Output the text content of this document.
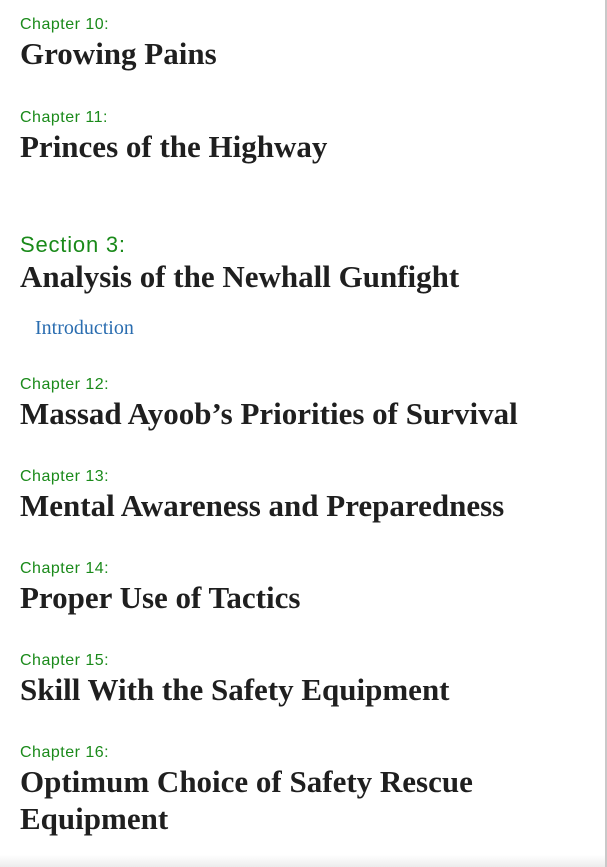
Chapter 10:
Growing Pains
Chapter 11:
Princes of the Highway
Section 3:
Analysis of the Newhall Gunfight
Introduction
Chapter 12:
Massad Ayoob’s Priorities of Survival
Chapter 13:
Mental Awareness and Preparedness
Chapter 14:
Proper Use of Tactics
Chapter 15:
Skill With the Safety Equipment
Chapter 16:
Optimum Choice of Safety Rescue Equipment
